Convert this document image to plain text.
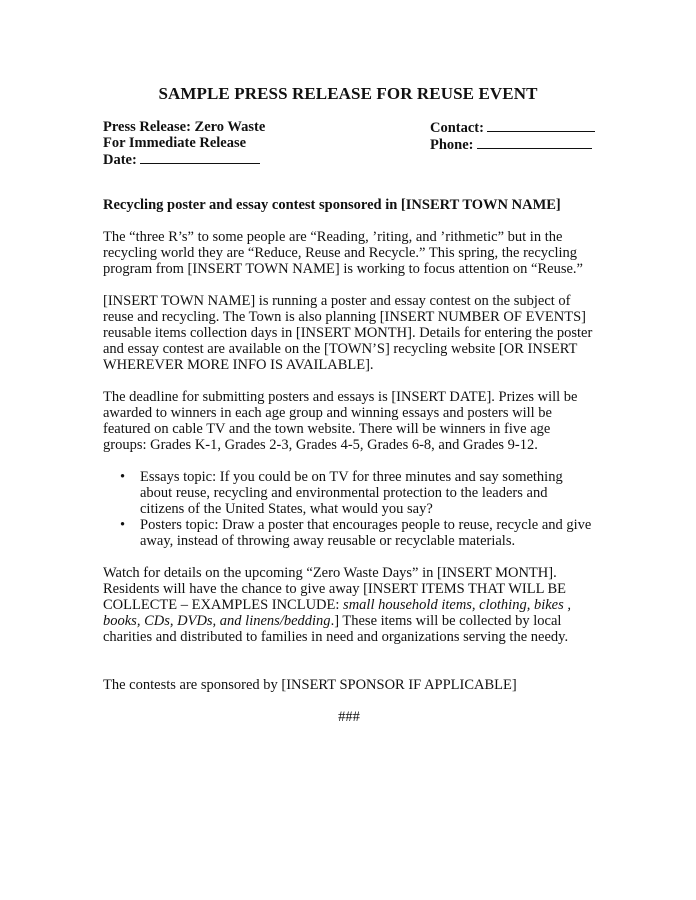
SAMPLE PRESS RELEASE FOR REUSE EVENT
Press Release: Zero Waste
For Immediate Release
Date:
Contact:
Phone:
Recycling poster and essay contest sponsored in [INSERT TOWN NAME]

The “three R’s” to some people are “Reading, ’riting, and ’rithmetic” but in the recycling world they are “Reduce, Reuse and Recycle.” This spring, the recycling program from [INSERT TOWN NAME] is working to focus attention on “Reuse.”

[INSERT TOWN NAME] is running a poster and essay contest on the subject of reuse and recycling. The Town is also planning [INSERT NUMBER OF EVENTS] reusable items collection days in [INSERT MONTH]. Details for entering the poster and essay contest are available on the [TOWN’S] recycling website [OR INSERT WHEREVER MORE INFO IS AVAILABLE].

The deadline for submitting posters and essays is [INSERT DATE]. Prizes will be awarded to winners in each age group and winning essays and posters will be featured on cable TV and the town website. There will be winners in five age groups: Grades K-1, Grades 2-3, Grades 4-5, Grades 6-8, and Grades 9-12.

• Essays topic: If you could be on TV for three minutes and say something about reuse, recycling and environmental protection to the leaders and citizens of the United States, what would you say?
• Posters topic: Draw a poster that encourages people to reuse, recycle and give away, instead of throwing away reusable or recyclable materials.

Watch for details on the upcoming “Zero Waste Days” in [INSERT MONTH]. Residents will have the chance to give away [INSERT ITEMS THAT WILL BE COLLECTE – EXAMPLES INCLUDE: small household items, clothing, bikes , books, CDs, DVDs, and linens/bedding.] These items will be collected by local charities and distributed to families in need and organizations serving the needy.

The contests are sponsored by [INSERT SPONSOR IF APPLICABLE]

###
